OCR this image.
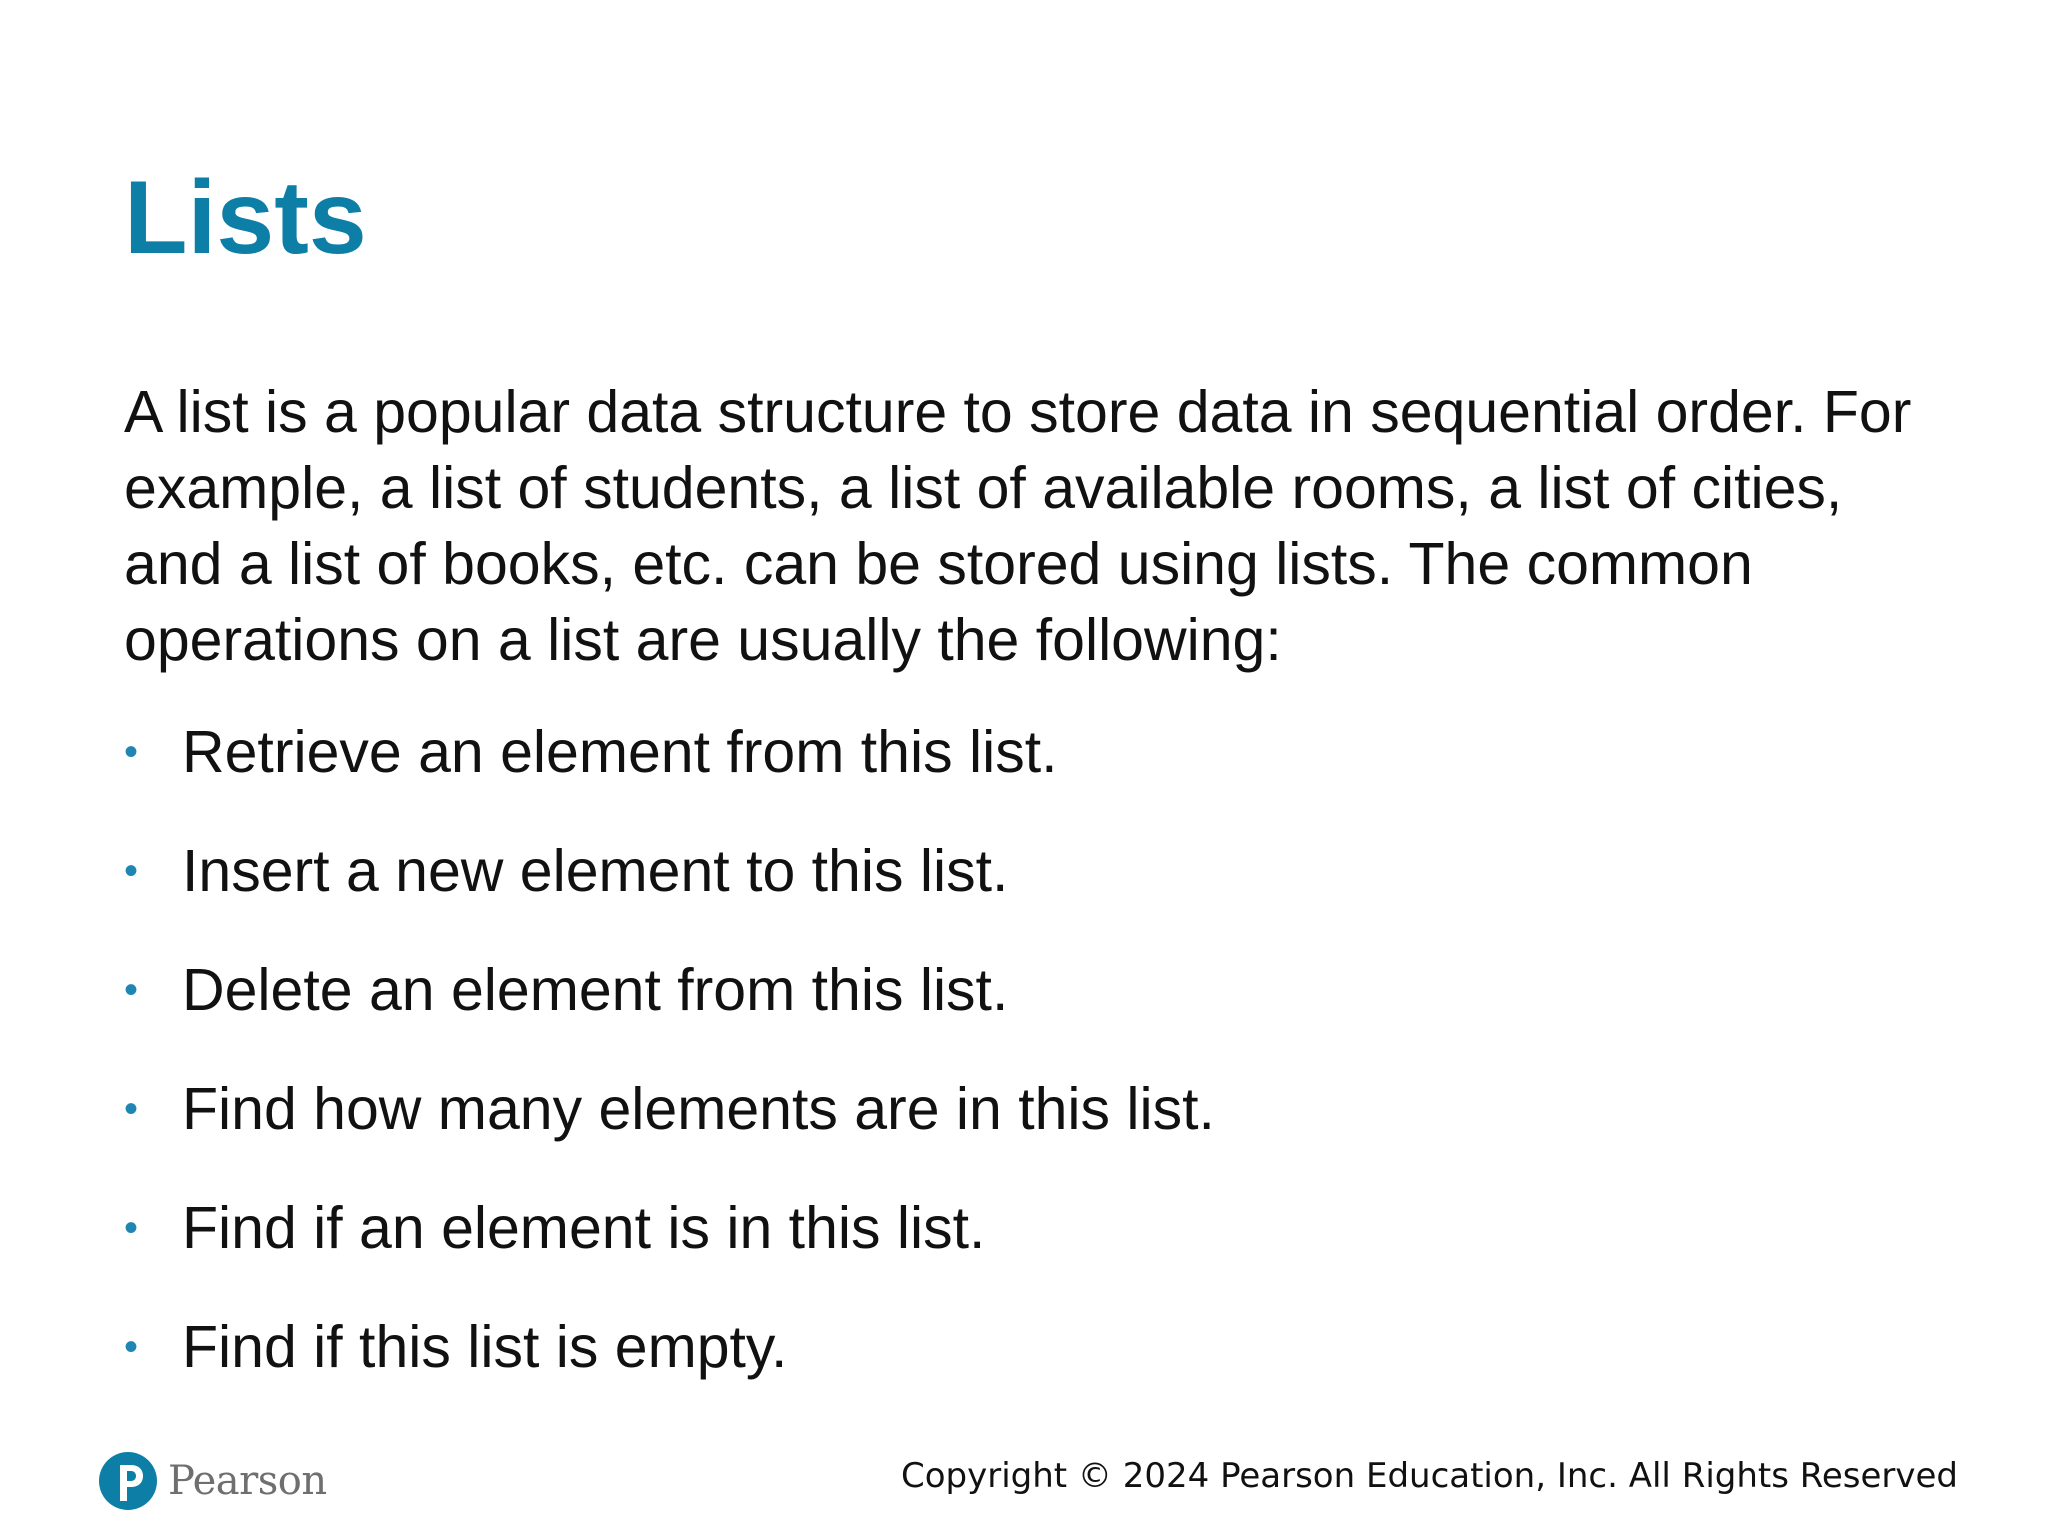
Lists

A list is a popular data structure to store data in sequential order. For example, a list of students, a list of available rooms, a list of cities, and a list of books, etc. can be stored using lists. The common operations on a list are usually the following:

• Retrieve an element from this list.
• Insert a new element to this list.
• Delete an element from this list.
• Find how many elements are in this list.
• Find if an element is in this list.
• Find if this list is empty.
Pearson	Copyright © 2024 Pearson Education, Inc. All Rights Reserved
